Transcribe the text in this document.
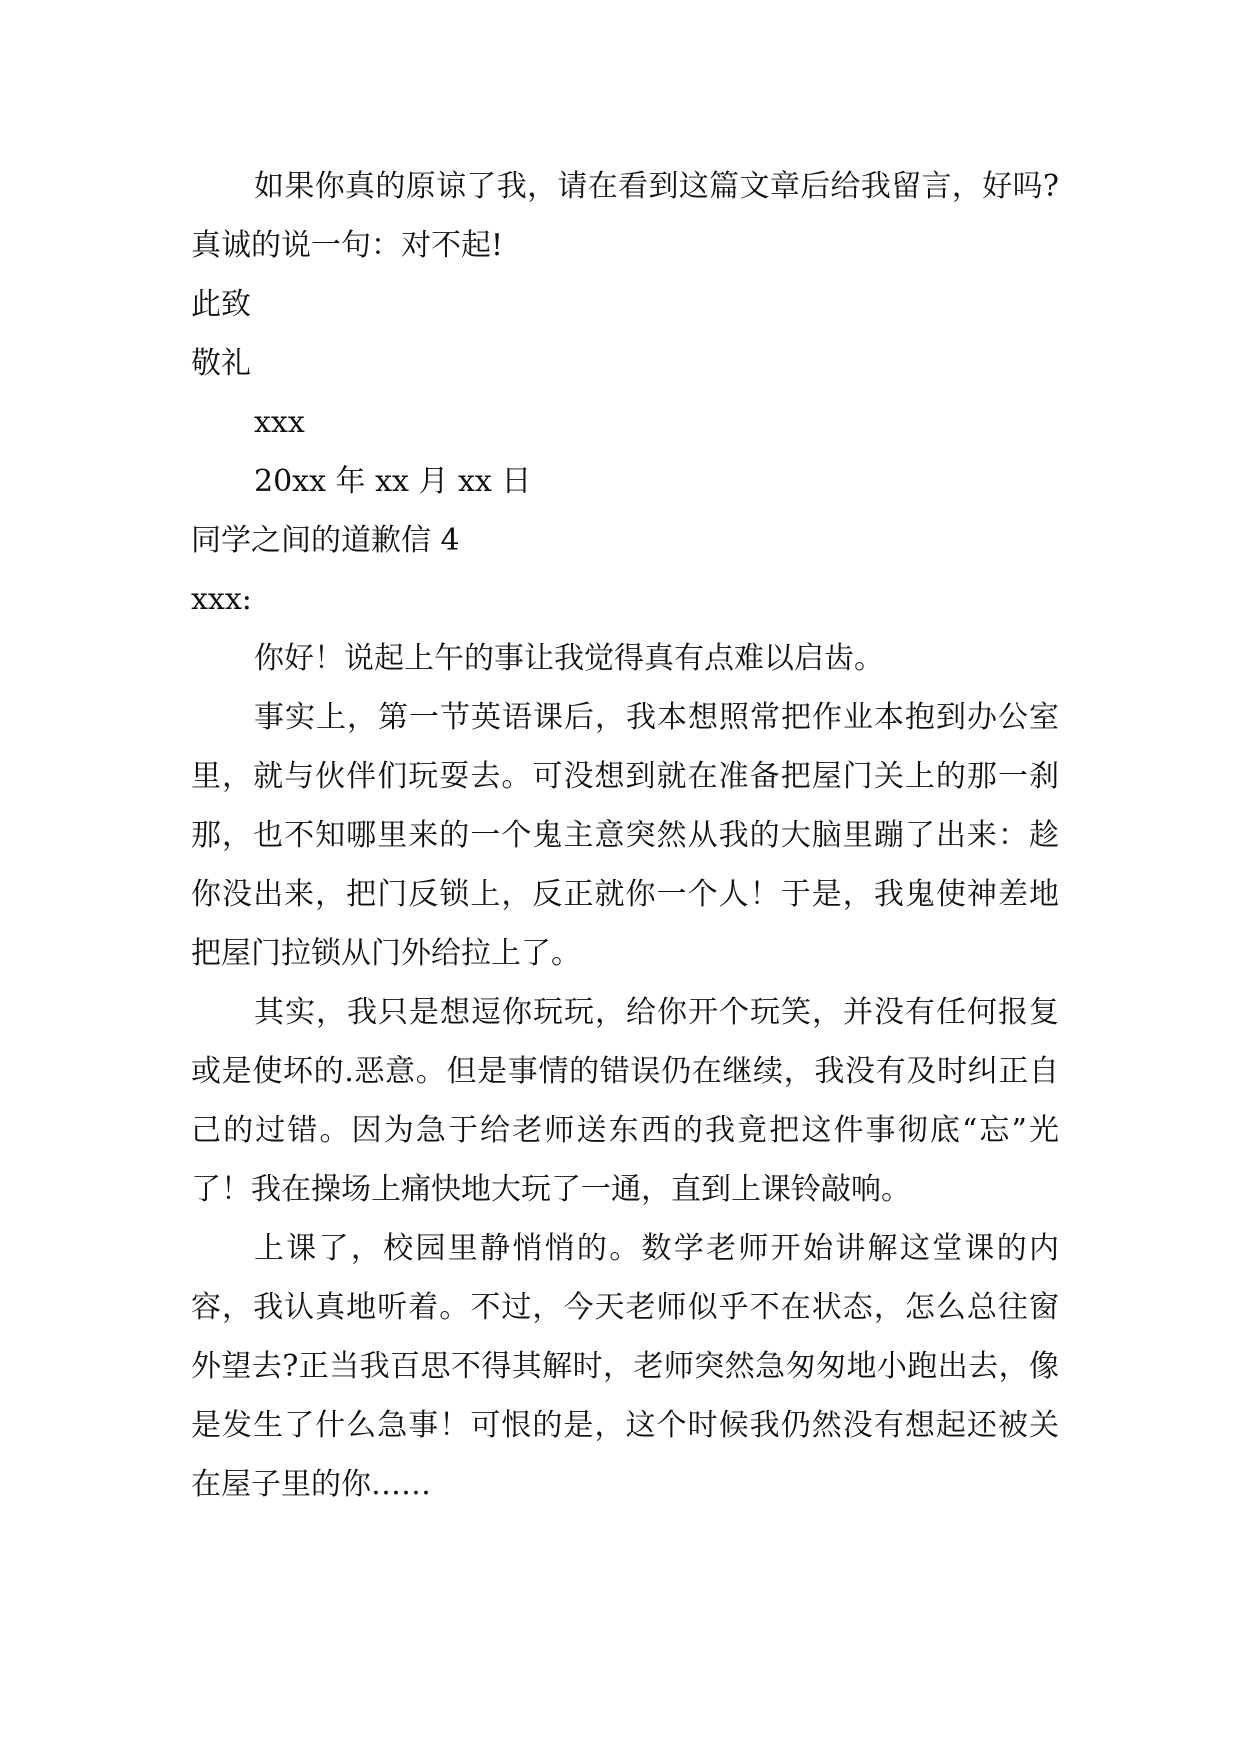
如果你真的原谅了我，请在看到这篇文章后给我留言，好吗?真诚的说一句：对不起!

此致
敬礼
xxx
20xx 年 xx 月 xx 日
同学之间的道歉信 4
xxx:

你好！说起上午的事让我觉得真有点难以启齿。

事实上，第一节英语课后，我本想照常把作业本抱到办公室里，就与伙伴们玩耍去。可没想到就在准备把屋门关上的那一刹那，也不知哪里来的一个鬼主意突然从我的大脑里蹦了出来：趁你没出来，把门反锁上，反正就你一个人！于是，我鬼使神差地把屋门拉锁从门外给拉上了。

其实，我只是想逗你玩玩，给你开个玩笑，并没有任何报复或是使坏的.恶意。但是事情的错误仍在继续，我没有及时纠正自己的过错。因为急于给老师送东西的我竟把这件事彻底“忘”光了！我在操场上痛快地大玩了一通，直到上课铃敲响。

上课了，校园里静悄悄的。数学老师开始讲解这堂课的内容，我认真地听着。不过，今天老师似乎不在状态，怎么总往窗外望去?正当我百思不得其解时，老师突然急匆匆地小跑出去，像是发生了什么急事！可恨的是，这个时候我仍然没有想起还被关在屋子里的你……
